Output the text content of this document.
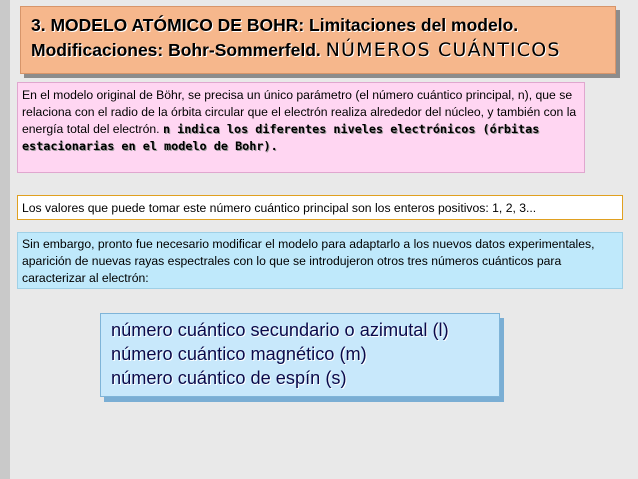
3. MODELO ATÓMICO DE BOHR: Limitaciones del modelo.
Modificaciones: Bohr-Sommerfeld. NÚMEROS CUÁNTICOS
En el modelo original de Böhr, se precisa un único parámetro (el número cuántico principal, n), que se relaciona con el radio de la órbita circular que el electrón realiza alrededor del núcleo, y también con la energía total del electrón. n indica los diferentes niveles electrónicos (órbitas estacionarias en el modelo de Bohr).
Los valores que puede tomar este número cuántico principal son los enteros positivos: 1, 2, 3...
Sin embargo, pronto fue necesario modificar el modelo para adaptarlo a los nuevos datos experimentales, aparición de nuevas rayas espectrales con lo que se introdujeron otros tres números cuánticos para caracterizar al electrón:
número cuántico secundario o azimutal (l)
número cuántico magnético (m)
número cuántico de espín (s)
